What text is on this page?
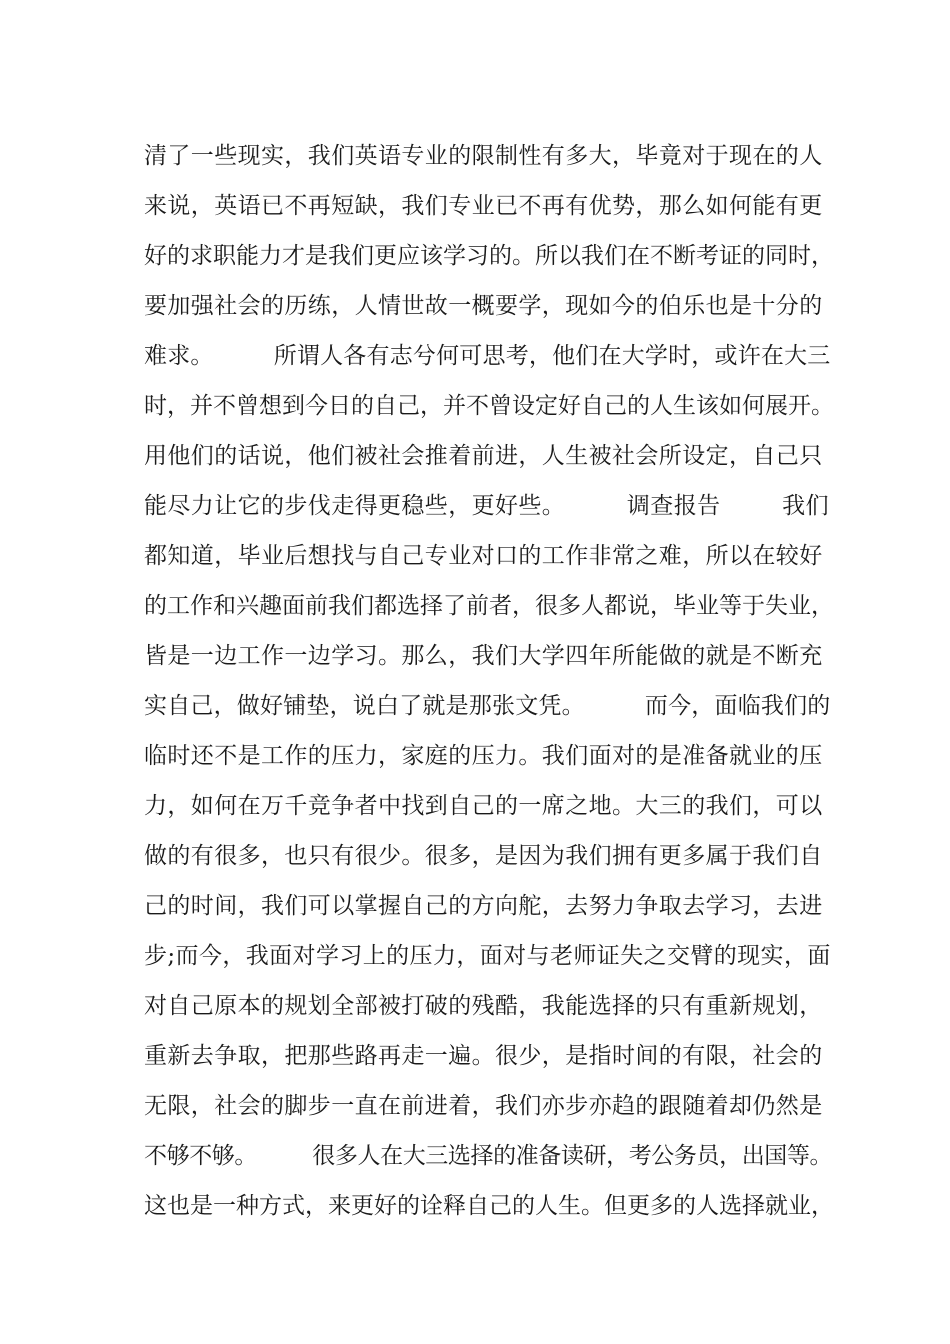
清了一些现实，我们英语专业的限制性有多大，毕竟对于现在的人
来说，英语已不再短缺，我们专业已不再有优势，那么如何能有更
好的求职能力才是我们更应该学习的。所以我们在不断考证的同时，
要加强社会的历练，人情世故一概要学，现如今的伯乐也是十分的
难求。        所谓人各有志兮何可思考，他们在大学时，或许在大三
时，并不曾想到今日的自己，并不曾设定好自己的人生该如何展开。
用他们的话说，他们被社会推着前进，人生被社会所设定，自己只
能尽力让它的步伐走得更稳些，更好些。        调查报告        我们
都知道，毕业后想找与自己专业对口的工作非常之难，所以在较好
的工作和兴趣面前我们都选择了前者，很多人都说，毕业等于失业，
皆是一边工作一边学习。那么，我们大学四年所能做的就是不断充
实自己，做好铺垫，说白了就是那张文凭。        而今，面临我们的
临时还不是工作的压力，家庭的压力。我们面对的是准备就业的压
力，如何在万千竞争者中找到自己的一席之地。大三的我们，可以
做的有很多，也只有很少。很多，是因为我们拥有更多属于我们自
己的时间，我们可以掌握自己的方向舵，去努力争取去学习，去进
步;而今，我面对学习上的压力，面对与老师证失之交臂的现实，面
对自己原本的规划全部被打破的残酷，我能选择的只有重新规划，
重新去争取，把那些路再走一遍。很少，是指时间的有限，社会的
无限，社会的脚步一直在前进着，我们亦步亦趋的跟随着却仍然是
不够不够。        很多人在大三选择的准备读研，考公务员，出国等。
这也是一种方式，来更好的诠释自己的人生。但更多的人选择就业，
